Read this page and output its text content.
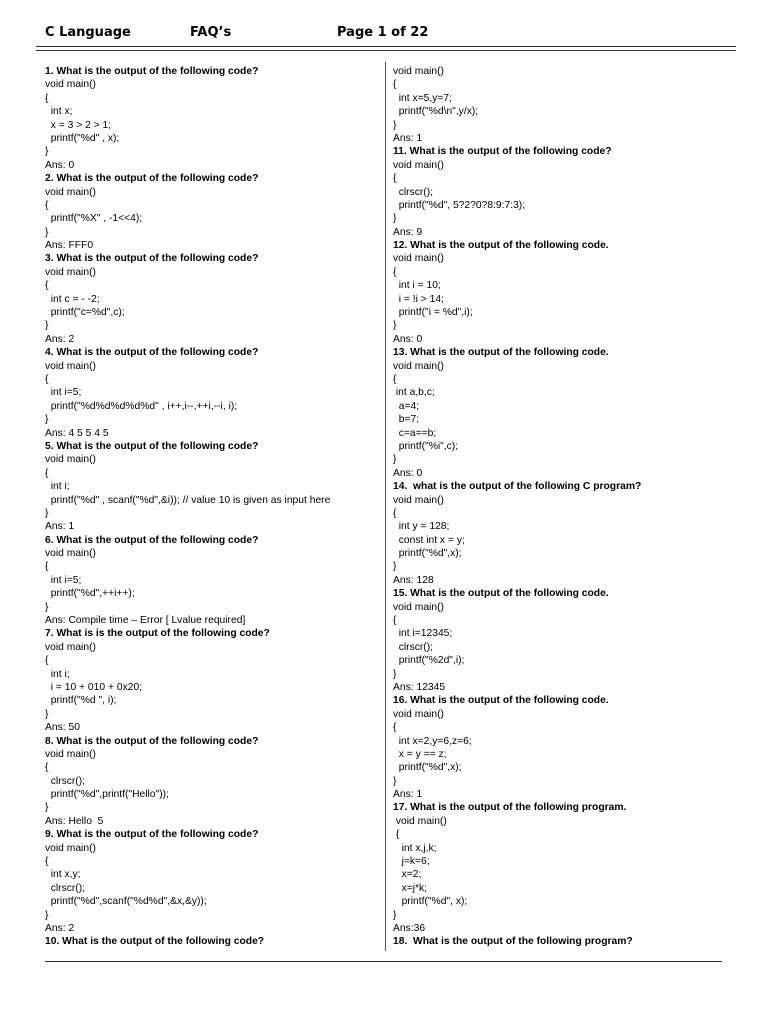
C Language	FAQ’s	Page 1 of 22
1. What is the output of the following code?
void main()
{
int x;
x = 3 > 2 > 1;
printf("%d" , x);
}
Ans: 0
2. What is the output of the following code?
void main()
{
printf("%X" , -1<<4);
}
Ans: FFF0
3. What is the output of the following code?
void main()
{
int c = - -2;
printf("c=%d",c);
}
Ans: 2
4. What is the output of the following code?
void main()
{
int i=5;
printf("%d%d%d%d%d" , i++,i--,++i,--i, i);
}
Ans: 4 5 5 4 5
5. What is the output of the following code?
void main()
{
int i;
printf("%d" , scanf("%d",&i)); // value 10 is given as input here
}
Ans: 1
6. What is the output of the following code?
void main()
{
int i=5;
printf("%d",++i++);
}
Ans: Compile time – Error [ Lvalue required]
7. What is is the output of the following code?
void main()
{
int i;
i = 10 + 010 + 0x20;
printf("%d ", i);
}
Ans: 50
8. What is the output of the following code?
void main()
{
clrscr();
printf("%d",printf("Hello"));
}
Ans: Hello  5
9. What is the output of the following code?
void main()
{
int x,y;
clrscr();
printf("%d",scanf("%d%d",&x,&y));
}
Ans: 2
10. What is the output of the following code?
void main()
{
int x=5,y=7;
printf("%d\n",y/x);
}
Ans: 1
11. What is the output of the following code?
void main()
{
clrscr();
printf("%d", 5?2?0?8:9:7:3);
}
Ans: 9
12. What is the output of the following code.
void main()
{
int i = 10;
i = !i > 14;
printf("i = %d",i);
}
Ans: 0
13. What is the output of the following code.
void main()
{
int a,b,c;
a=4;
b=7;
c=a==b;
printf("%i",c);
}
Ans: 0
14.  what is the output of the following C program?
void main()
{
int y = 128;
const int x = y;
printf("%d",x);
}
Ans: 128
15. What is the output of the following code.
void main()
{
int i=12345;
clrscr();
printf("%2d",i);
}
Ans: 12345
16. What is the output of the following code.
void main()
{
int x=2,y=6,z=6;
x = y == z;
printf("%d",x);
}
Ans: 1
17. What is the output of the following program.
void main()
{
int x,j,k;
j=k=6;
x=2;
x=j*k;
printf("%d", x);
}
Ans:36
18.  What is the output of the following program?
